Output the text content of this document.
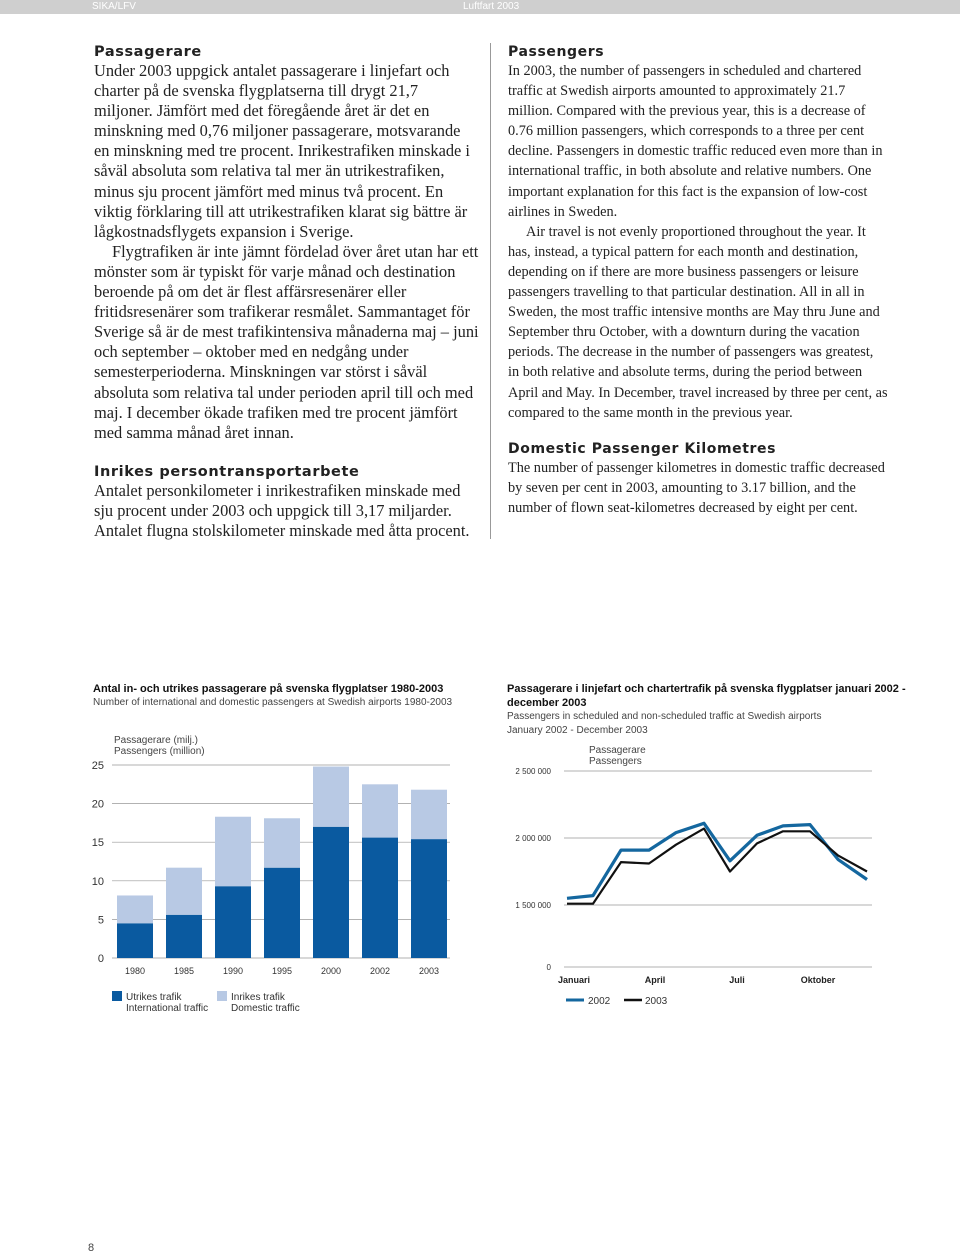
SIKA/LFV	Luftfart 2003
Passagerare

Under 2003 uppgick antalet passagerare i linjefart och charter på de svenska flygplatserna till drygt 21,7 miljoner. Jämfört med det föregående året är det en minskning med 0,76 miljoner passagerare, motsvarande en minskning med tre procent. Inrikestrafiken minskade i såväl absoluta som relativa tal mer än utrikestrafiken, minus sju procent jämfört med minus två procent. En viktig förklaring till att utrikestrafiken klarat sig bättre är lågkostnadsflygets expansion i Sverige.

Flygtrafiken är inte jämnt fördelad över året utan har ett mönster som är typiskt för varje månad och destination beroende på om det är flest affärsresenärer eller fritidsresenärer som trafikerar resmålet. Sammantaget för Sverige så är de mest trafikintensiva månaderna maj – juni och september – oktober med en nedgång under semesterperioderna. Minskningen var störst i såväl absoluta som relativa tal under perioden april till och med maj. I december ökade trafiken med tre procent jämfört med samma månad året innan.

Inrikes persontransportarbete

Antalet personkilometer i inrikestrafiken minskade med sju procent under 2003 och uppgick till 3,17 miljarder. Antalet flugna stolskilometer minskade med åtta procent.

Passengers

In 2003, the number of passengers in scheduled and chartered traffic at Swedish airports amounted to approximately 21.7 million. Compared with the previous year, this is a decrease of 0.76 million passengers, which corresponds to a three per cent decline. Passengers in domestic traffic reduced even more than in international traffic, in both absolute and relative numbers. One important explanation for this fact is the expansion of low-cost airlines in Sweden.

Air travel is not evenly proportioned throughout the year. It has, instead, a typical pattern for each month and destination, depending on if there are more business passengers or leisure passengers travelling to that particular destination. All in all in Sweden, the most traffic intensive months are May thru June and September thru October, with a downturn during the vacation periods. The decrease in the number of passengers was greatest, in both relative and absolute terms, during the period between April and May. In December, travel increased by three per cent, as compared to the same month in the previous year.

Domestic Passenger Kilometres

The number of passenger kilometres in domestic traffic decreased by seven per cent in 2003, amounting to 3.17 billion, and the number of flown seat-kilometres decreased by eight per cent.

Antal in- och utrikes passagerare på svenska flygplatser 1980-2003
Number of international and domestic passengers at Swedish airports 1980-2003
Passagerare (milj.)
Passengers (million)
0
5
10
15
20
25
1980	1985	1990	1995	2000	2002	2003
Utrikes trafik
International traffic
Inrikes trafik
Domestic traffic
Passagerare i linjefart och chartertrafik på svenska flygplatser januari 2002 - december 2003
Passengers in scheduled and non-scheduled traffic at Swedish airports
January 2002 - December 2003
Passagerare
Passengers
0
1 500 000
2 000 000
2 500 000
Januari	April	Juli	Oktober
2002	2003
8
